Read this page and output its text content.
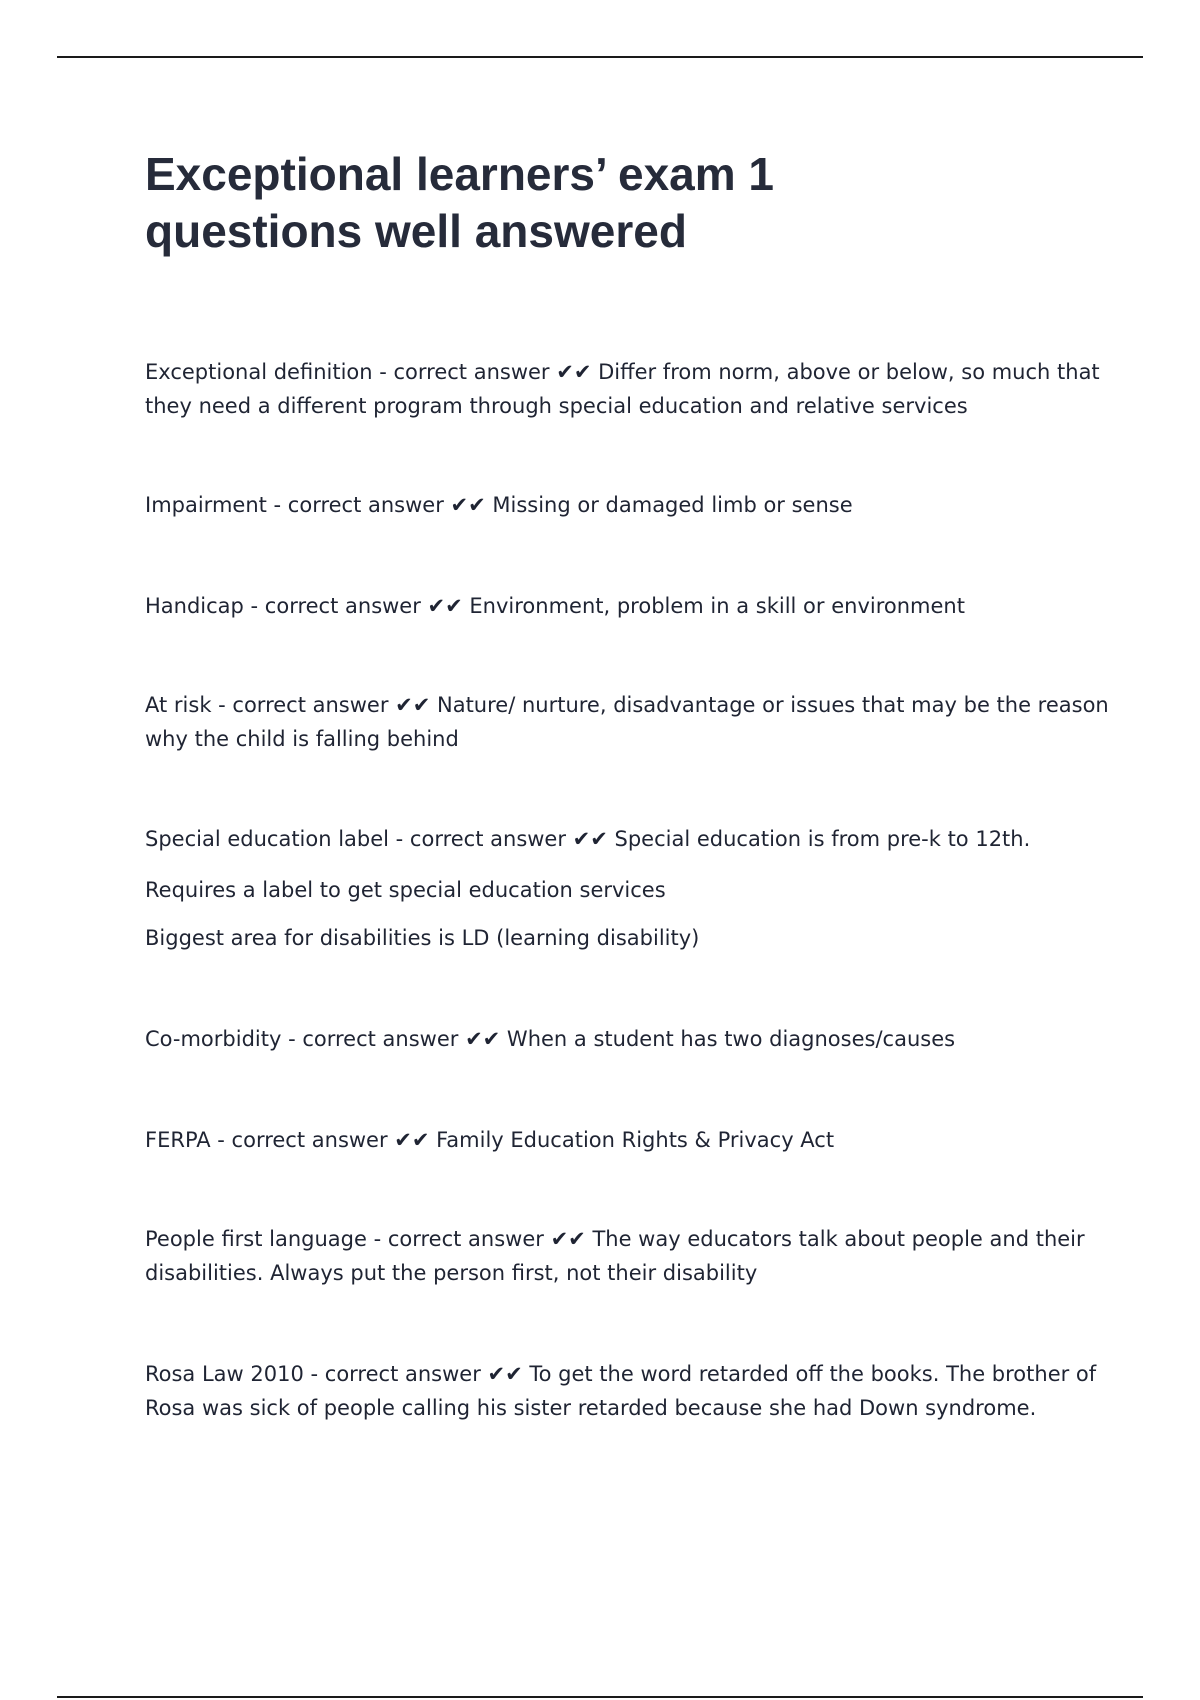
Exceptional learners’ exam 1
questions well answered
Exceptional definition - correct answer ✔✔ Differ from norm, above or below, so much that
they need a different program through special education and relative services
Impairment - correct answer ✔✔ Missing or damaged limb or sense
Handicap - correct answer ✔✔ Environment, problem in a skill or environment
At risk - correct answer ✔✔ Nature/ nurture, disadvantage or issues that may be the reason
why the child is falling behind
Special education label - correct answer ✔✔ Special education is from pre-k to 12th.
Requires a label to get special education services
Biggest area for disabilities is LD (learning disability)
Co-morbidity - correct answer ✔✔ When a student has two diagnoses/causes
FERPA - correct answer ✔✔ Family Education Rights & Privacy Act
People first language - correct answer ✔✔ The way educators talk about people and their
disabilities. Always put the person first, not their disability
Rosa Law 2010 - correct answer ✔✔ To get the word retarded off the books. The brother of
Rosa was sick of people calling his sister retarded because she had Down syndrome.
